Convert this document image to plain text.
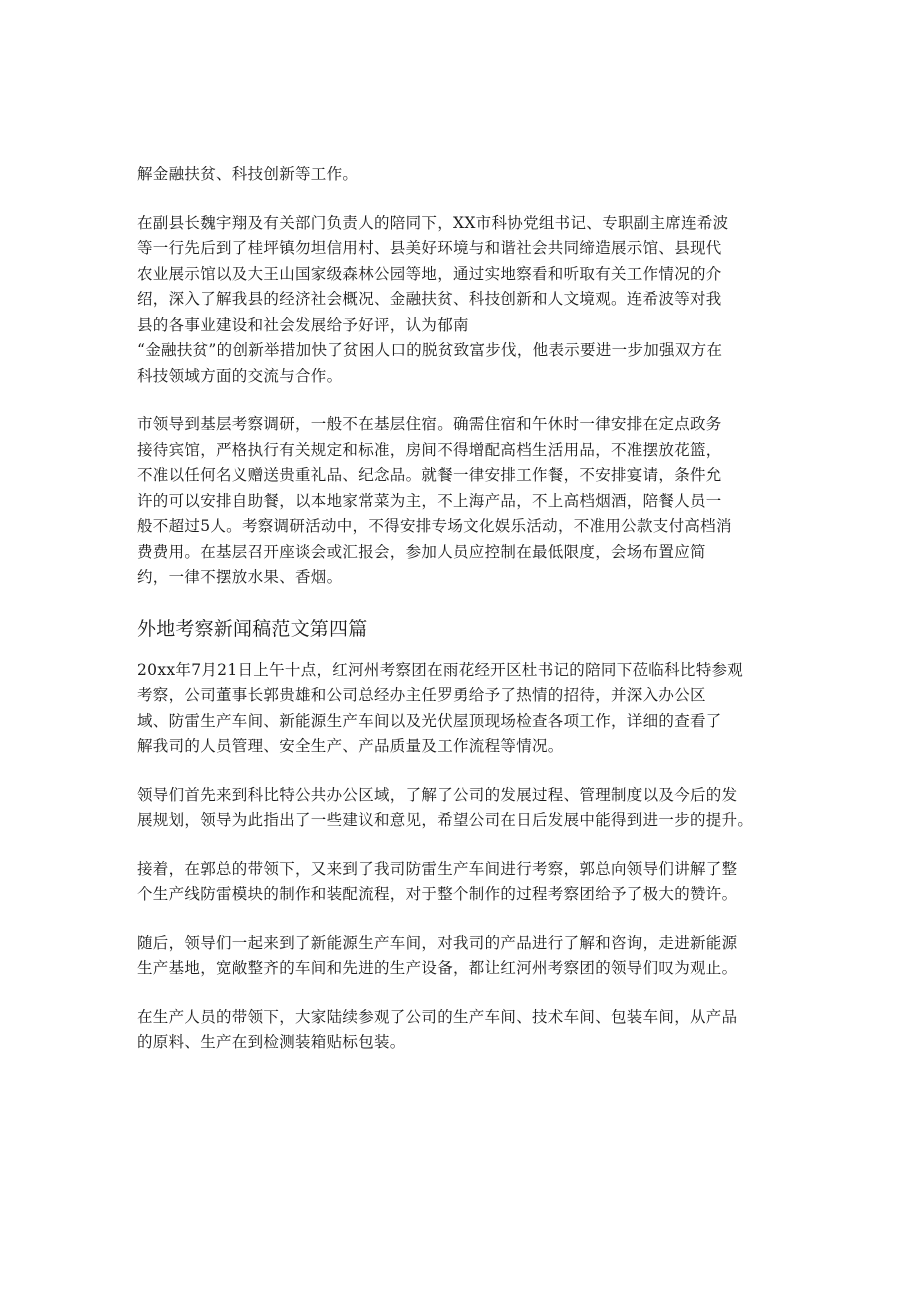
解金融扶贫、科技创新等工作。

在副县长魏宇翔及有关部门负责人的陪同下，XX市科协党组书记、专职副主席连希波
等一行先后到了桂坪镇勿坦信用村、县美好环境与和谐社会共同缔造展示馆、县现代
农业展示馆以及大王山国家级森林公园等地，通过实地察看和听取有关工作情况的介
绍，深入了解我县的经济社会概况、金融扶贫、科技创新和人文境观。连希波等对我
县的各事业建设和社会发展给予好评，认为郁南
“金融扶贫”的创新举措加快了贫困人口的脱贫致富步伐，他表示要进一步加强双方在
科技领域方面的交流与合作。

市领导到基层考察调研，一般不在基层住宿。确需住宿和午休时一律安排在定点政务
接待宾馆，严格执行有关规定和标准，房间不得增配高档生活用品，不准摆放花篮，
不准以任何名义赠送贵重礼品、纪念品。就餐一律安排工作餐，不安排宴请，条件允
许的可以安排自助餐，以本地家常菜为主，不上海产品，不上高档烟酒，陪餐人员一
般不超过5人。考察调研活动中，不得安排专场文化娱乐活动，不准用公款支付高档消
费费用。在基层召开座谈会或汇报会，参加人员应控制在最低限度，会场布置应简
约，一律不摆放水果、香烟。

外地考察新闻稿范文第四篇

20xx年7月21日上午十点，红河州考察团在雨花经开区杜书记的陪同下莅临科比特参观
考察，公司董事长郭贵雄和公司总经办主任罗勇给予了热情的招待，并深入办公区
域、防雷生产车间、新能源生产车间以及光伏屋顶现场检查各项工作，详细的查看了
解我司的人员管理、安全生产、产品质量及工作流程等情况。

领导们首先来到科比特公共办公区域，了解了公司的发展过程、管理制度以及今后的发
展规划，领导为此指出了一些建议和意见，希望公司在日后发展中能得到进一步的提升。

接着，在郭总的带领下，又来到了我司防雷生产车间进行考察，郭总向领导们讲解了整
个生产线防雷模块的制作和装配流程，对于整个制作的过程考察团给予了极大的赞许。

随后，领导们一起来到了新能源生产车间，对我司的产品进行了解和咨询，走进新能源
生产基地，宽敞整齐的车间和先进的生产设备，都让红河州考察团的领导们叹为观止。

在生产人员的带领下，大家陆续参观了公司的生产车间、技术车间、包装车间，从产品
的原料、生产在到检测装箱贴标包装。
